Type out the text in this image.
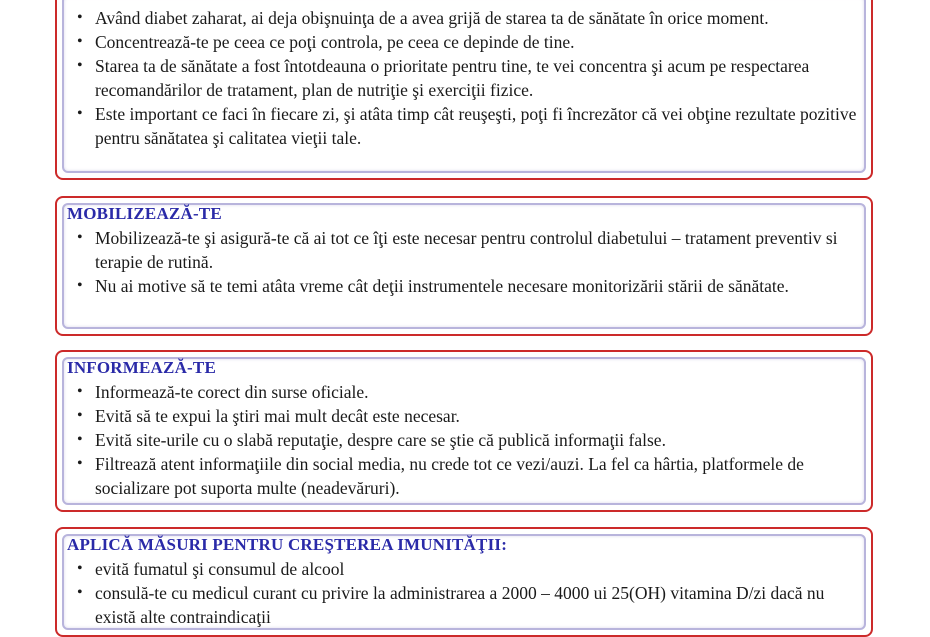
• Având diabet zaharat, ai deja obişnuinţa de a avea grijă de starea ta de sănătate în orice moment.
• Concentrează-te pe ceea ce poţi controla, pe ceea ce depinde de tine.
• Starea ta de sănătate a fost întotdeauna o prioritate pentru tine, te vei concentra şi acum pe respectarea recomandărilor de tratament, plan de nutriţie şi exerciţii fizice.
• Este important ce faci în fiecare zi, şi atâta timp cât reuşeşti, poţi fi încrezător că vei obţine rezultate pozitive pentru sănătatea şi calitatea vieţii tale.

MOBILIZEAZĂ-TE

• Mobilizează-te şi asigură-te că ai tot ce îţi este necesar pentru controlul diabetului – tratament preventiv si terapie de rutină.
• Nu ai motive să te temi atâta vreme cât deţii instrumentele necesare monitorizării stării de sănătate.

INFORMEAZĂ-TE

• Informează-te corect din surse oficiale.
• Evită să te expui la ştiri mai mult decât este necesar.
• Evită site-urile cu o slabă reputaţie, despre care se ştie că publică informaţii false.
• Filtrează atent informaţiile din social media, nu crede tot ce vezi/auzi. La fel ca hârtia, platformele de socializare pot suporta multe (neadevăruri).

APLICĂ MĂSURI PENTRU CREŞTEREA IMUNITĂŢII:

• evită fumatul şi consumul de alcool
• consulă-te cu medicul curant cu privire la administrarea a 2000 – 4000 ui 25(OH) vitamina D/zi dacă nu există alte contraindicaţii
